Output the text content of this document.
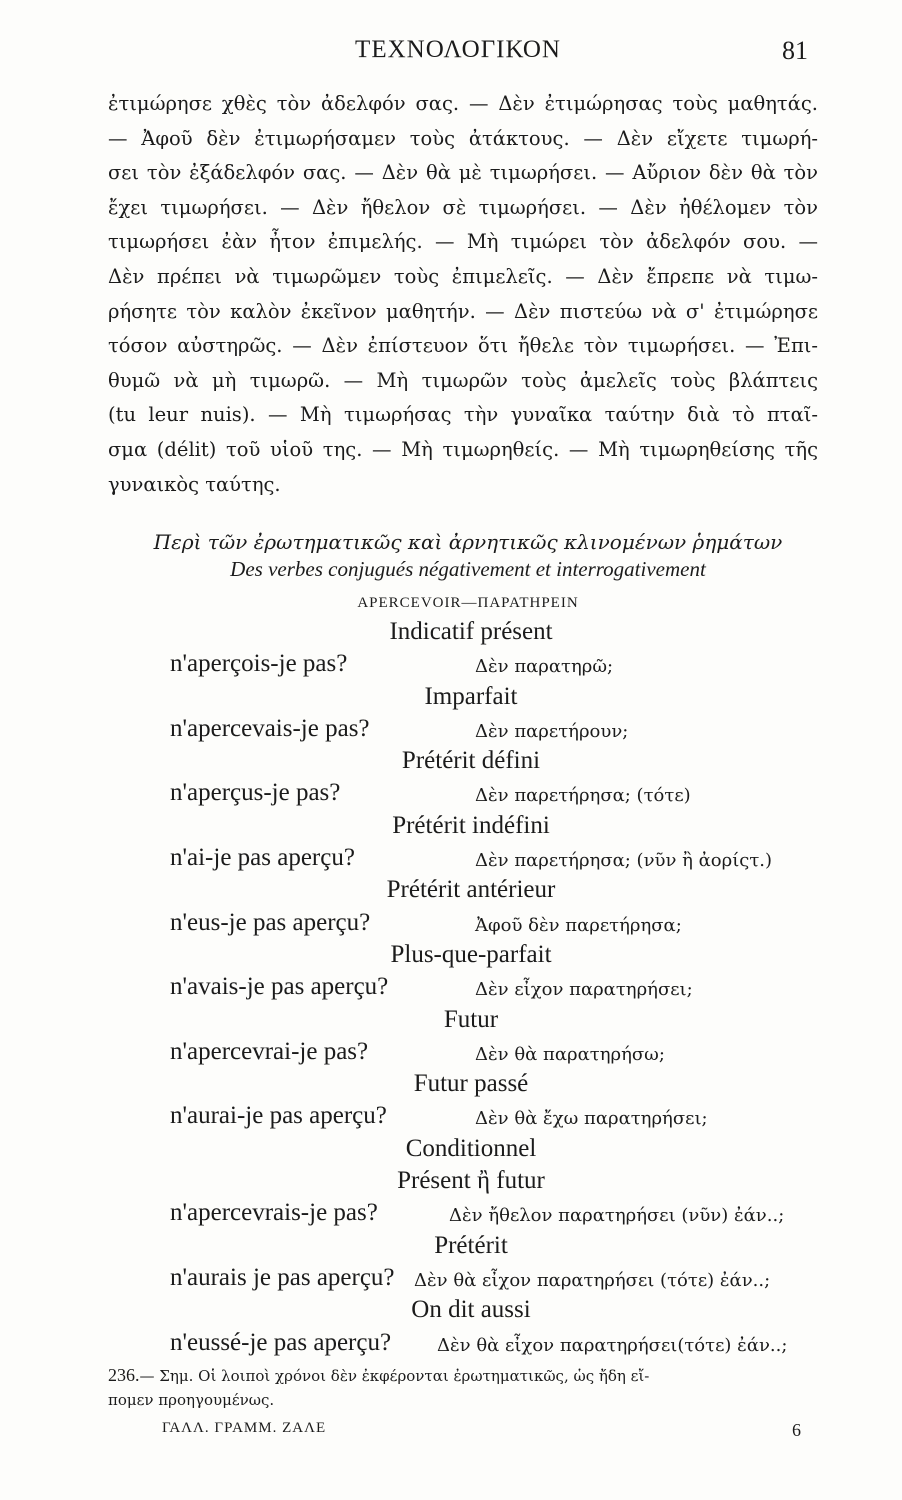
ΤΕΧΝΟΛΟΓΙΚΟΝ	81

ἐτιμώρησε χθὲς τὸν ἀδελφόν σας. — Δὲν ἐτιμώρησας τοὺς μαθητάς.

— Ἀφοῦ δὲν ἐτιμωρήσαμεν τοὺς ἀτάκτους. — Δὲν εἴχετε τιμωρή-

σει τὸν ἐξάδελφόν σας. — Δὲν θὰ μὲ τιμωρήσει. — Αὔριον δὲν θὰ τὸν

ἔχει τιμωρήσει. — Δὲν ἤθελον σὲ τιμωρήσει. — Δὲν ἠθέλομεν τὸν

τιμωρήσει ἐὰν ἦτον ἐπιμελής. — Μὴ τιμώρει τὸν ἀδελφόν σου. —

Δὲν πρέπει νὰ τιμωρῶμεν τοὺς ἐπιμελεῖς. — Δὲν ἔπρεπε νὰ τιμω-

ρήσητε τὸν καλὸν ἐκεῖνον μαθητήν. — Δὲν πιστεύω νὰ σ' ἐτιμώρησε

τόσον αὐστηρῶς. — Δὲν ἐπίστευον ὅτι ἤθελε τὸν τιμωρήσει. — Ἐπι-

θυμῶ νὰ μὴ τιμωρῶ. — Μὴ τιμωρῶν τοὺς ἀμελεῖς τοὺς βλάπτεις

(tu leur nuis). — Μὴ τιμωρήσας τὴν γυναῖκα ταύτην διὰ τὸ πταῖ-

σμα (délit) τοῦ υἱοῦ της. — Μὴ τιμωρηθείς. — Μὴ τιμωρηθείσης τῆς

γυναικὸς ταύτης.

Περὶ τῶν ἐρωτηματικῶς καὶ ἀρνητικῶς κλινομένων ῥημάτων
Des verbes conjugués négativement et interrogativement
APERCEVOIR—ΠΑΡΑΤΗΡΕΙΝ
Indicatif présent
n'aperçois-je pas?	Δὲν παρατηρῶ;
Imparfait
n'apercevais-je pas?	Δὲν παρετήρουν;
Prétérit défini
n'aperçus-je pas?	Δὲν παρετήρησα; (τότε)
Prétérit indéfini
n'ai-je pas aperçu?	Δὲν παρετήρησα; (νῦν ἢ ἀορίςτ.)
Prétérit antérieur
n'eus-je pas aperçu?	Ἀφοῦ δὲν παρετήρησα;
Plus-que-parfait
n'avais-je pas aperçu?	Δὲν εἶχον παρατηρήσει;
Futur
n'apercevrai-je pas?	Δὲν θὰ παρατηρήσω;
Futur passé
n'aurai-je pas aperçu?	Δὲν θὰ ἔχω παρατηρήσει;
Conditionnel
Présent ἢ futur
n'apercevrais-je pas?	Δὲν ἤθελον παρατηρήσει (νῦν) ἐάν..;
Prétérit
n'aurais je pas aperçu? Δὲν θὰ εἶχον παρατηρήσει (τότε) ἐάν..;
On dit aussi
n'eussé-je pas aperçu?	Δὲν θὰ εἶχον παρατηρήσει(τότε) ἐάν..;

236.— Σημ. Οἱ λοιποὶ χρόνοι δὲν ἐκφέρονται ἐρωτηματικῶς, ὡς ἤδη εἴ-

πομεν προηγουμένως.

ΓΑΛΛ. ΓΡΑΜΜ. ΖΑΛΕ	6
